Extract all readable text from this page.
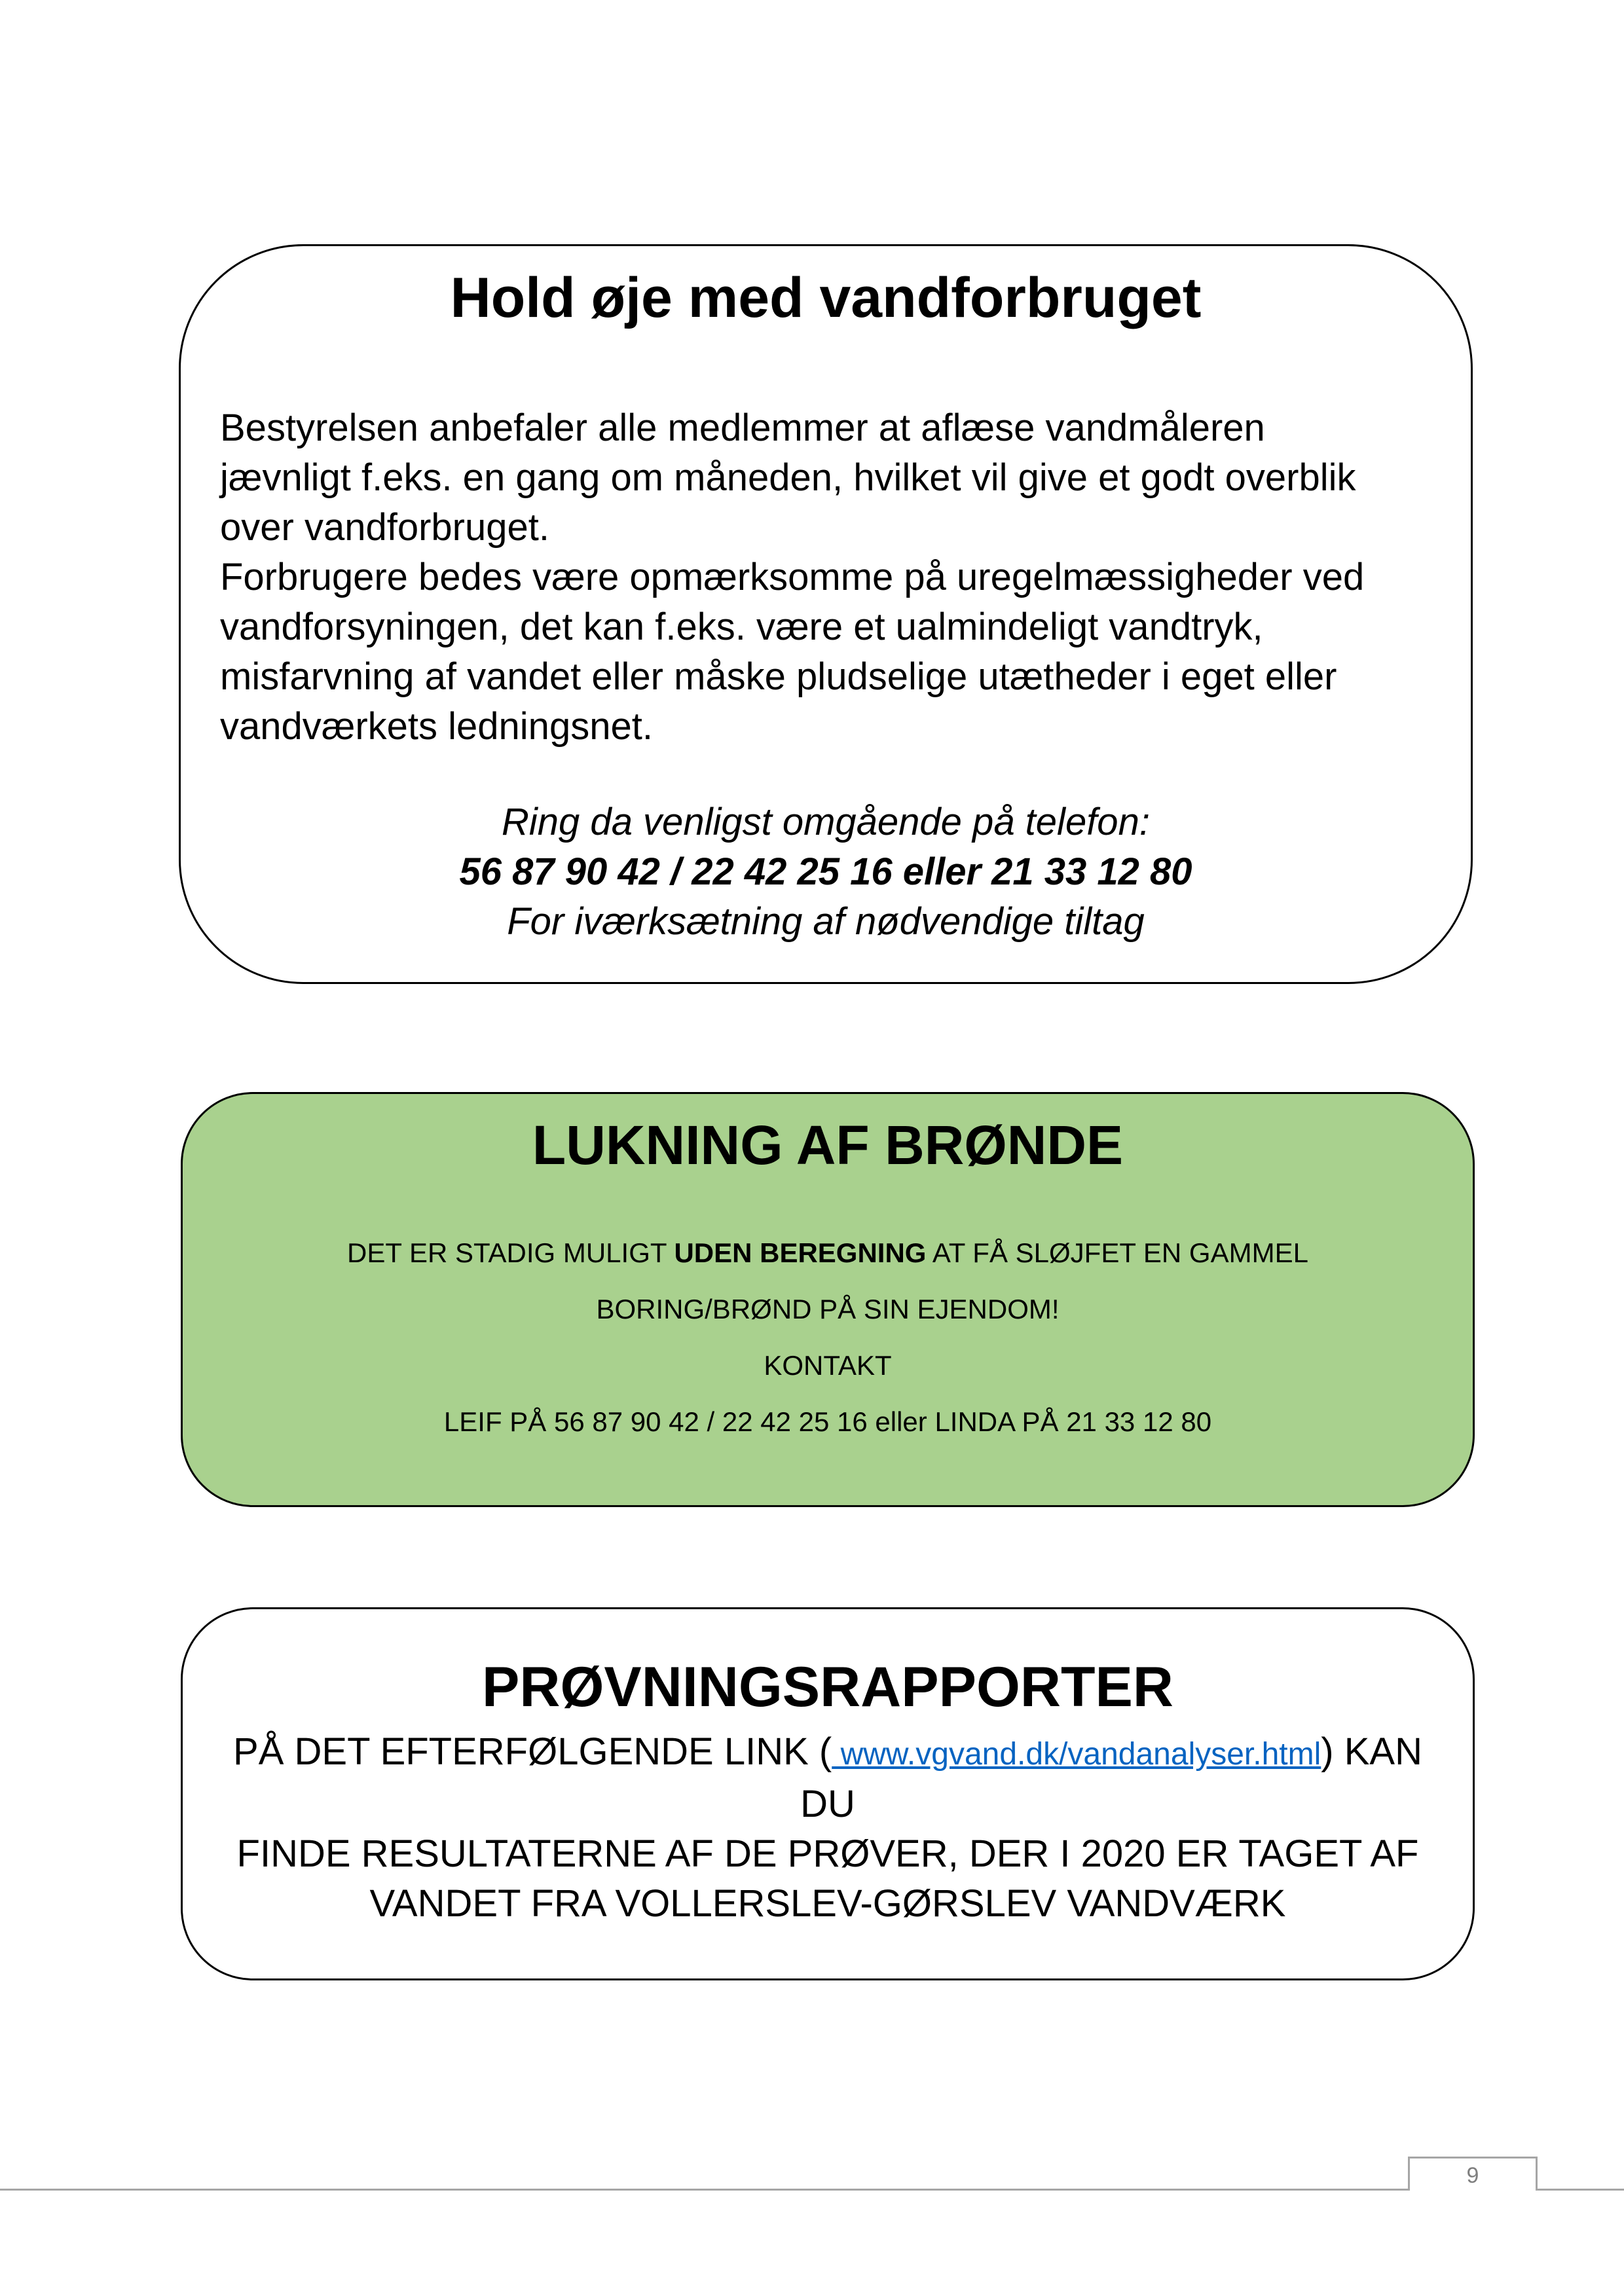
Hold øje med vandforbruget

Bestyrelsen anbefaler alle medlemmer at aflæse vandmåleren

jævnligt f.eks. en gang om måneden, hvilket vil give et godt overblik

over vandforbruget.

Forbrugere bedes være opmærksomme på uregelmæssigheder ved

vandforsyningen, det kan f.eks. være et ualmindeligt vandtryk,

misfarvning af vandet eller måske pludselige utætheder i eget eller

vandværkets ledningsnet.

Ring da venligst omgående på telefon:
56 87 90 42 / 22 42 25 16 eller 21 33 12 80
For iværksætning af nødvendige tiltag
LUKNING AF BRØNDE
DET ER STADIG MULIGT UDEN BEREGNING AT FÅ SLØJFET EN GAMMEL
BORING/BRØND PÅ SIN EJENDOM!
KONTAKT
LEIF PÅ 56 87 90 42 / 22 42 25 16 eller LINDA PÅ 21 33 12 80
PRØVNINGSRAPPORTER
PÅ DET EFTERFØLGENDE LINK ( www.vgvand.dk/vandanalyser.html) KAN DU
FINDE RESULTATERNE AF DE PRØVER, DER I 2020 ER TAGET AF
VANDET FRA VOLLERSLEV-GØRSLEV VANDVÆRK
9
